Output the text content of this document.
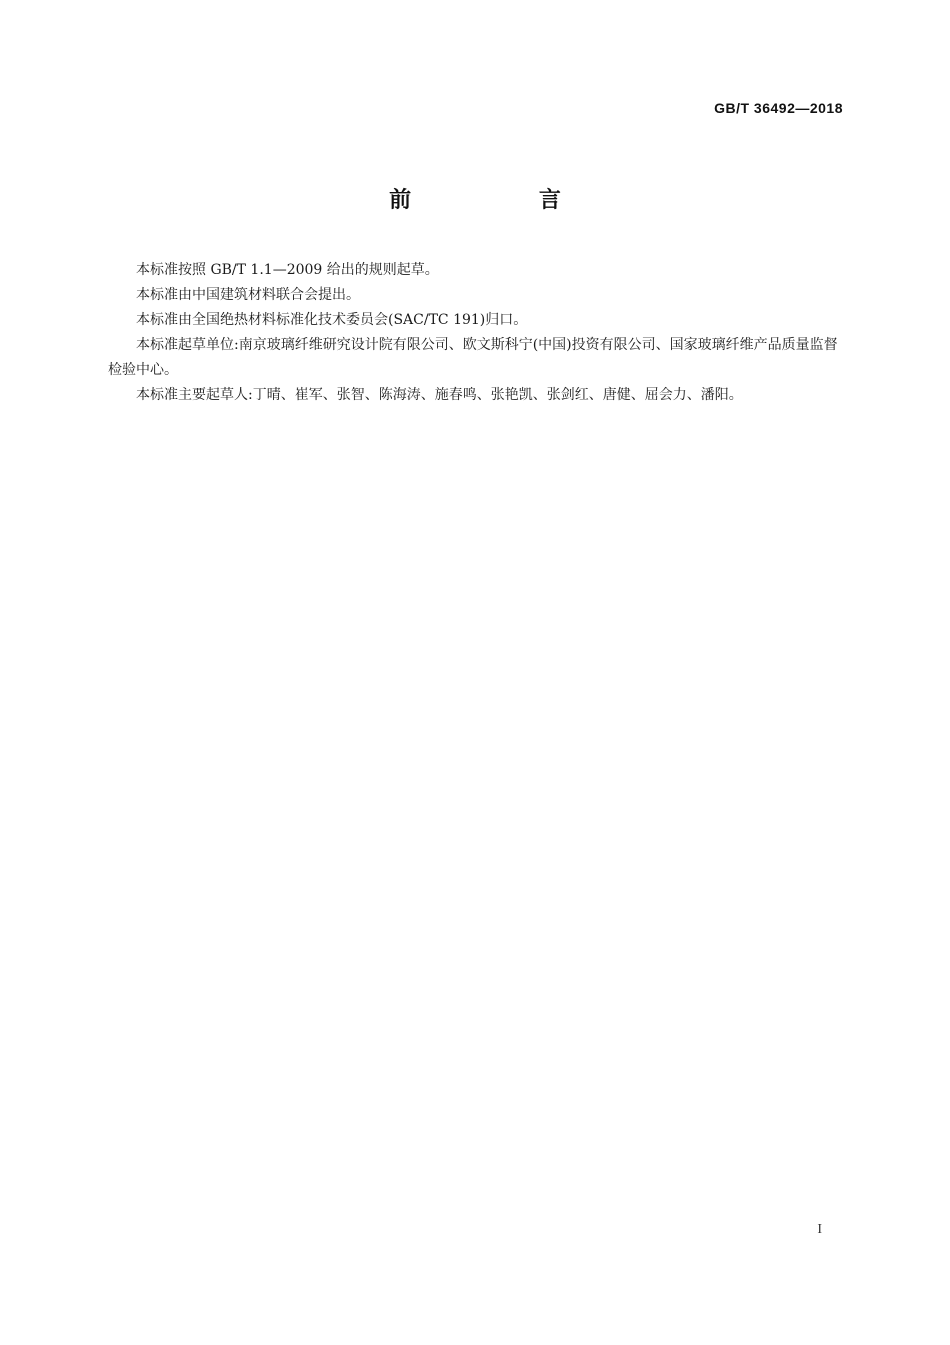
GB/T 36492—2018
前 言

本标准按照 GB/T 1.1—2009 给出的规则起草。

本标准由中国建筑材料联合会提出。

本标准由全国绝热材料标准化技术委员会(SAC/TC 191)归口。

本标准起草单位:南京玻璃纤维研究设计院有限公司、欧文斯科宁(中国)投资有限公司、国家玻璃纤维产品质量监督检验中心。

本标准主要起草人:丁晴、崔军、张智、陈海涛、施春鸣、张艳凯、张剑红、唐健、屈会力、潘阳。

I
